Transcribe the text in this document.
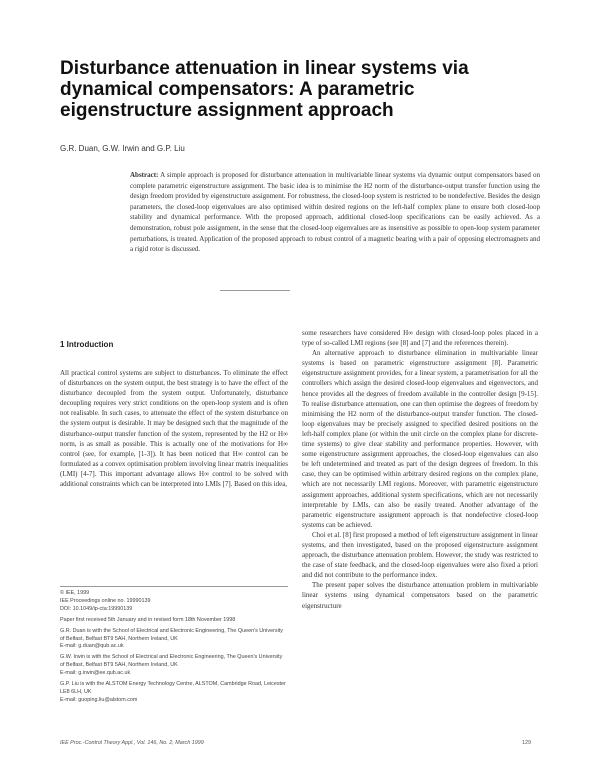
Disturbance attenuation in linear systems via dynamical compensators: A parametric eigenstructure assignment approach
G.R. Duan, G.W. Irwin and G.P. Liu

Abstract: A simple approach is proposed for disturbance attenuation in multivariable linear systems via dynamic output compensators based on complete parametric eigenstructure assignment. The basic idea is to minimise the H2 norm of the disturbance-output transfer function using the design freedom provided by eigenstructure assignment. For robustness, the closed-loop system is restricted to be nondefective. Besides the design parameters, the closed-loop eigenvalues are also optimised within desired regions on the left-half complex plane to ensure both closed-loop stability and dynamical performance. With the proposed approach, additional closed-loop specifications can be easily achieved. As a demonstration, robust pole assignment, in the sense that the closed-loop eigenvalues are as insensitive as possible to open-loop system parameter perturbations, is treated. Application of the proposed approach to robust control of a magnetic bearing with a pair of opposing electromagnets and a rigid rotor is discussed.

1 Introduction

All practical control systems are subject to disturbances. To eliminate the effect of disturbances on the system output, the best strategy is to have the effect of the disturbance decoupled from the system output. Unfortunately, disturbance decoupling requires very strict conditions on the open-loop system and is often not realisable. In such cases, to attenuate the effect of the system disturbance on the system output is desirable. It may be designed such that the magnitude of the disturbance-output transfer function of the system, represented by the H2 or H∞ norm, is as small as possible. This is actually one of the motivations for H∞ control (see, for example, [1-3]). It has been noticed that H∞ control can be formulated as a convex optimisation problem involving linear matrix inequalities (LMI) [4-7]. This important advantage allows H∞ control to be solved with additional constraints which can be interpreted into LMIs [7]. Based on this idea,

some researchers have considered H∞ design with closed-loop poles placed in a type of so-called LMI regions (see [8] and [7] and the references therein).

An alternative approach to disturbance elimination in multivariable linear systems is based on parametric eigenstructure assignment [8]. Parametric eigenstructure assignment provides, for a linear system, a parametrisation for all the controllers which assign the desired closed-loop eigenvalues and eigenvectors, and hence provides all the degrees of freedom available in the controller design [9-15]. To realise disturbance attenuation, one can then optimise the degrees of freedom by minimising the H2 norm of the disturbance-output transfer function. The closed-loop eigenvalues may be precisely assigned to specified desired positions on the left-half complex plane (or within the unit circle on the complex plane for discrete-time systems) to give clear stability and performance properties. However, with some eigenstructure assignment approaches, the closed-loop eigenvalues can also be left undetermined and treated as part of the design degrees of freedom. In this case, they can be optimised within arbitrary desired regions on the complex plane, which are not necessarily LMI regions. Moreover, with parametric eigenstructure assignment approaches, additional system specifications, which are not necessarily interpretable by LMIs, can also be easily treated. Another advantage of the parametric eigenstructure assignment approach is that nondefective closed-loop systems can be achieved.

Choi et al. [8] first proposed a method of left eigenstructure assignment in linear systems, and then investigated, based on the proposed eigenstructure assignment approach, the disturbance attenuation problem. However, the study was restricted to the case of state feedback, and the closed-loop eigenvalues were also fixed a priori and did not contribute to the performance index.

The present paper solves the disturbance attenuation problem in multivariable linear systems using dynamical compensators based on the parametric eigenstructure

© IEE, 1999
IEE Proceedings online no. 19990139
DOI: 10.1049/ip-cta:19990139
Paper first received 5th January and in revised form 18th November 1998
G.R. Duan is with the School of Electrical and Electronic Engineering, The Queen's University of Belfast, Belfast BT9 5AH, Northern Ireland, UK
E-mail: g.duan@qub.ac.uk
G.W. Irwin is with the School of Electrical and Electronic Engineering, The Queen's University of Belfast, Belfast BT9 5AH, Northern Ireland, UK
E-mail: g.irwin@ee.qub.ac.uk
G.P. Liu is with the ALSTOM Energy Technology Centre, ALSTOM, Cambridge Road, Leicester LE8 6LH, UK
E-mail: guoping.liu@alstom.com
IEE Proc.-Control Theory Appl., Vol. 146, No. 2, March 1999	129
